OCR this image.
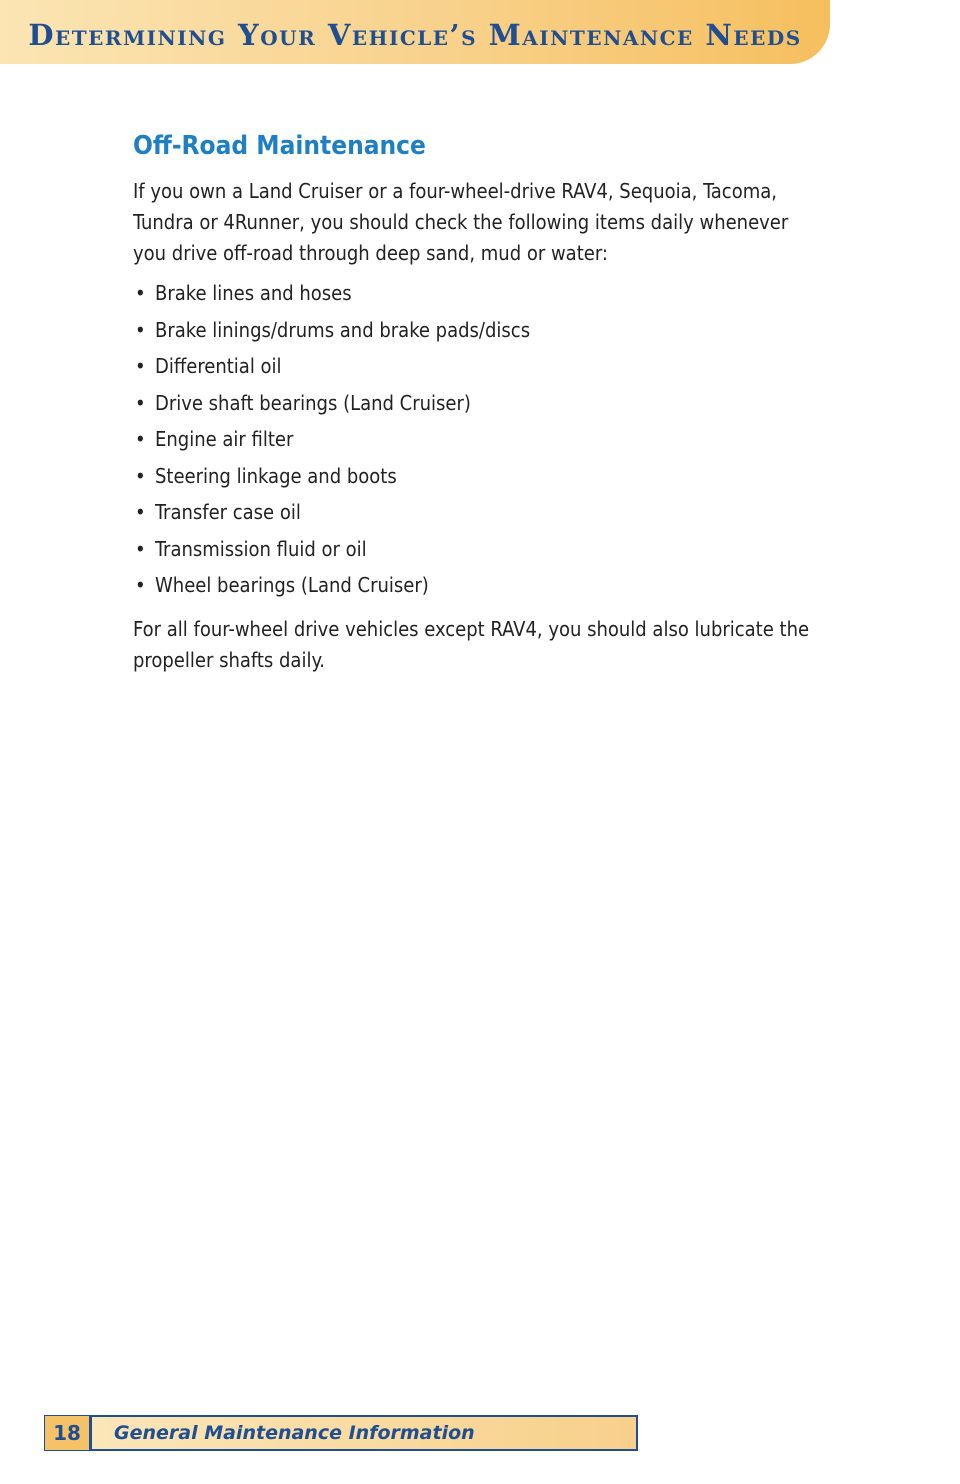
Determining Your Vehicle’s Maintenance Needs
Off-Road Maintenance

If you own a Land Cruiser or a four-wheel-drive RAV4, Sequoia, Tacoma, Tundra or 4Runner, you should check the following items daily whenever you drive off-road through deep sand, mud or water:

• Brake lines and hoses
• Brake linings/drums and brake pads/discs
• Differential oil
• Drive shaft bearings (Land Cruiser)
• Engine air filter
• Steering linkage and boots
• Transfer case oil
• Transmission fluid or oil
• Wheel bearings (Land Cruiser)

For all four-wheel drive vehicles except RAV4, you should also lubricate the propeller shafts daily.

18	General Maintenance Information
